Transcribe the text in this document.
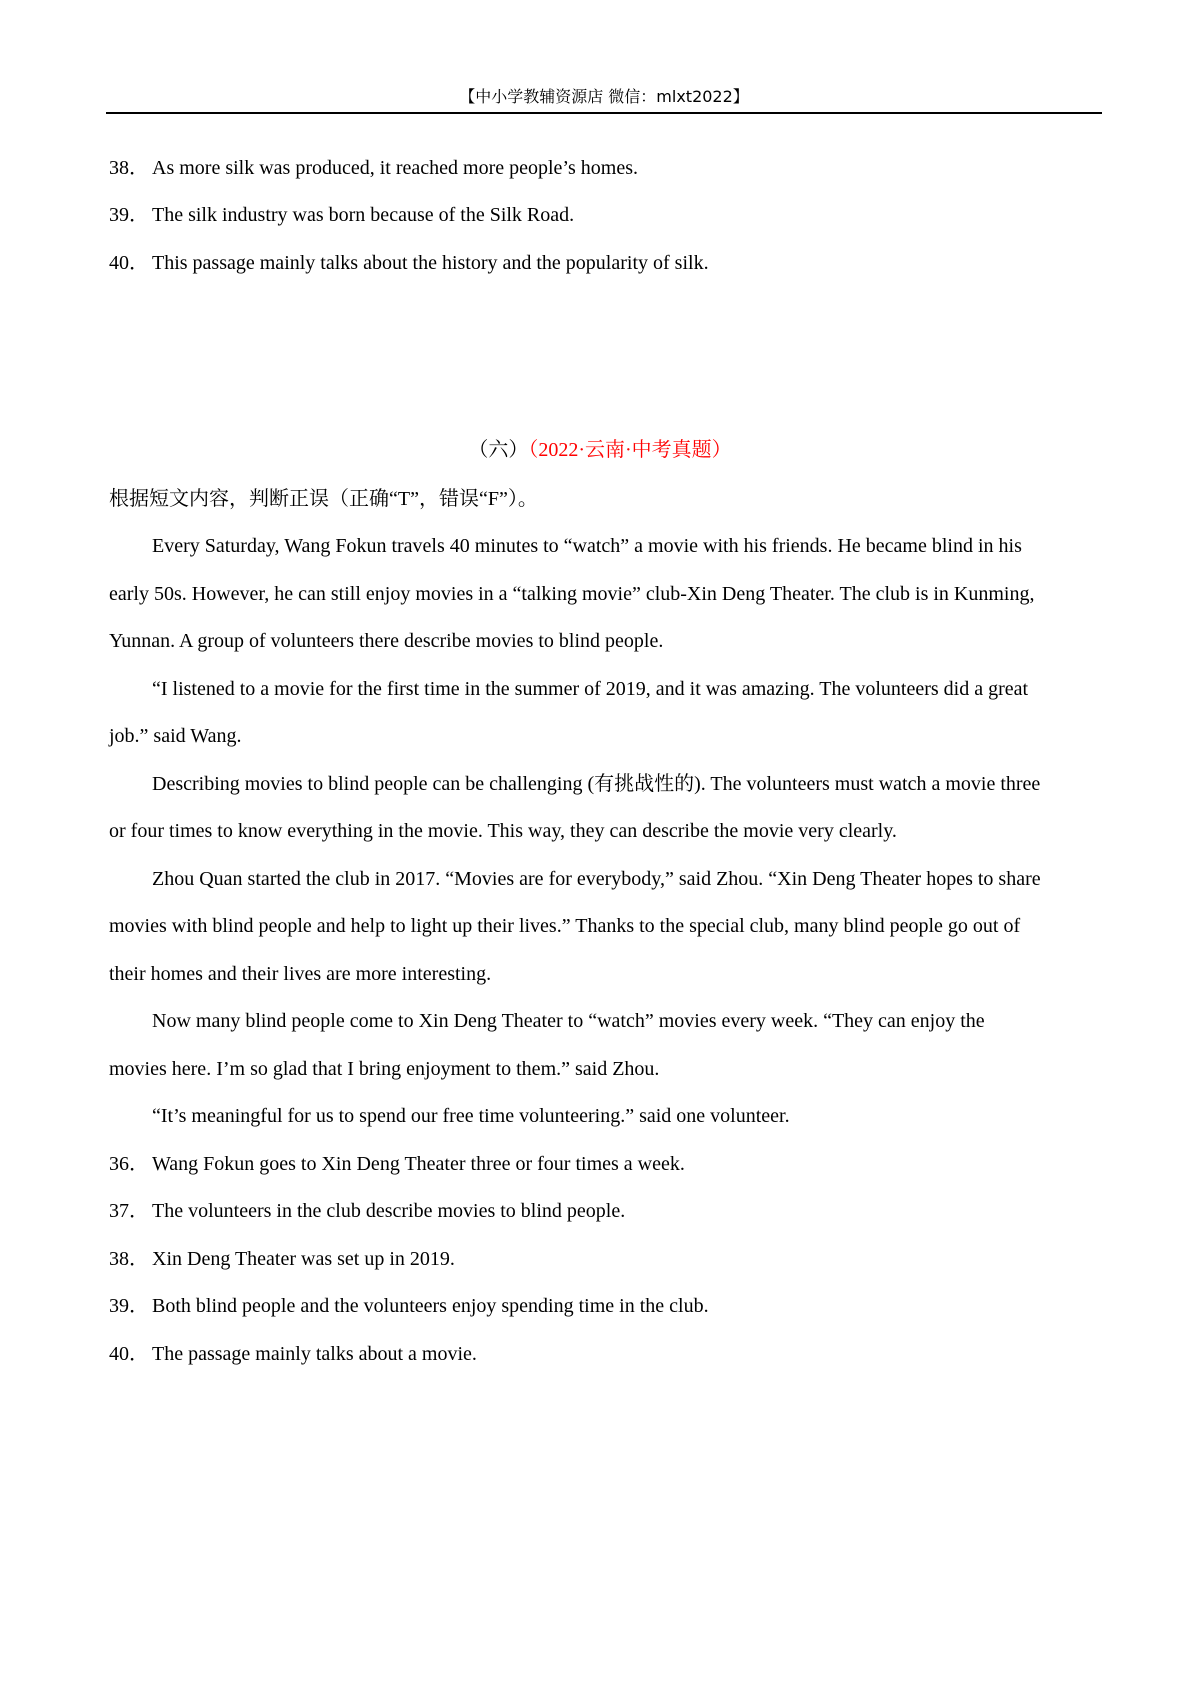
【中小学教辅资源店 微信：mlxt2022】
38． As more silk was produced, it reached more people’s homes.
39． The silk industry was born because of the Silk Road.
40． This passage mainly talks about the history and the popularity of silk.
（六）（2022·云南·中考真题）
根据短文内容，判断正误（正确“T”，错误“F”）。
Every Saturday, Wang Fokun travels 40 minutes to “watch” a movie with his friends. He became blind in his
early 50s. However, he can still enjoy movies in a “talking movie” club-Xin Deng Theater. The club is in Kunming,
Yunnan. A group of volunteers there describe movies to blind people.
“I listened to a movie for the first time in the summer of 2019, and it was amazing. The volunteers did a great
job.” said Wang.
Describing movies to blind people can be challenging (有挑战性的). The volunteers must watch a movie three
or four times to know everything in the movie. This way, they can describe the movie very clearly.
Zhou Quan started the club in 2017. “Movies are for everybody,” said Zhou. “Xin Deng Theater hopes to share
movies with blind people and help to light up their lives.” Thanks to the special club, many blind people go out of
their homes and their lives are more interesting.
Now many blind people come to Xin Deng Theater to “watch” movies every week. “They can enjoy the
movies here. I’m so glad that I bring enjoyment to them.” said Zhou.
“It’s meaningful for us to spend our free time volunteering.” said one volunteer.
36． Wang Fokun goes to Xin Deng Theater three or four times a week.
37． The volunteers in the club describe movies to blind people.
38． Xin Deng Theater was set up in 2019.
39． Both blind people and the volunteers enjoy spending time in the club.
40． The passage mainly talks about a movie.
